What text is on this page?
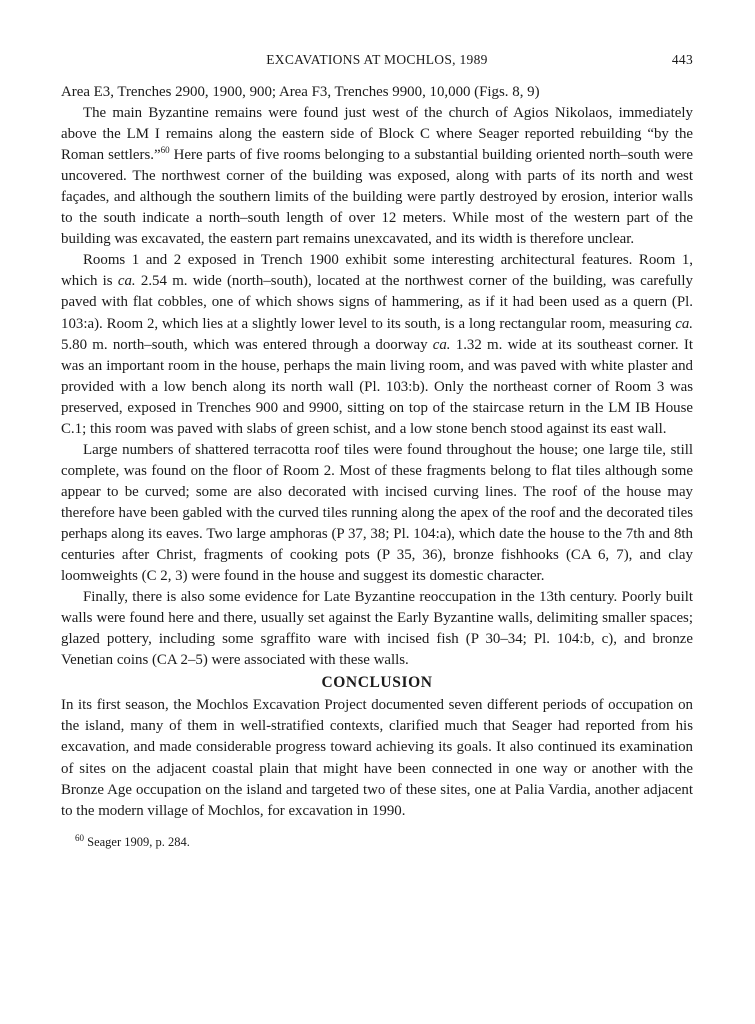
EXCAVATIONS AT MOCHLOS, 1989	443

Area E3, Trenches 2900, 1900, 900; Area F3, Trenches 9900, 10,000 (Figs. 8, 9)

The main Byzantine remains were found just west of the church of Agios Nikolaos, immediately above the LM I remains along the eastern side of Block C where Seager reported rebuilding “by the Roman settlers.”$^{60}$ Here parts of five rooms belonging to a substantial building oriented north–south were uncovered. The northwest corner of the building was exposed, along with parts of its north and west façades, and although the southern limits of the building were partly destroyed by erosion, interior walls to the south indicate a north–south length of over 12 meters. While most of the western part of the building was excavated, the eastern part remains unexcavated, and its width is therefore unclear.

Rooms 1 and 2 exposed in Trench 1900 exhibit some interesting architectural features. Room 1, which is ca. 2.54 m. wide (north–south), located at the northwest corner of the building, was carefully paved with flat cobbles, one of which shows signs of hammering, as if it had been used as a quern (Pl. 103:a). Room 2, which lies at a slightly lower level to its south, is a long rectangular room, measuring ca. 5.80 m. north–south, which was entered through a doorway ca. 1.32 m. wide at its southeast corner. It was an important room in the house, perhaps the main living room, and was paved with white plaster and provided with a low bench along its north wall (Pl. 103:b). Only the northeast corner of Room 3 was preserved, exposed in Trenches 900 and 9900, sitting on top of the staircase return in the LM IB House C.1; this room was paved with slabs of green schist, and a low stone bench stood against its east wall.

Large numbers of shattered terracotta roof tiles were found throughout the house; one large tile, still complete, was found on the floor of Room 2. Most of these fragments belong to flat tiles although some appear to be curved; some are also decorated with incised curving lines. The roof of the house may therefore have been gabled with the curved tiles running along the apex of the roof and the decorated tiles perhaps along its eaves. Two large amphoras (P 37, 38; Pl. 104:a), which date the house to the 7th and 8th centuries after Christ, fragments of cooking pots (P 35, 36), bronze fishhooks (CA 6, 7), and clay loomweights (C 2, 3) were found in the house and suggest its domestic character.

Finally, there is also some evidence for Late Byzantine reoccupation in the 13th century. Poorly built walls were found here and there, usually set against the Early Byzantine walls, delimiting smaller spaces; glazed pottery, including some sgraffito ware with incised fish (P 30–34; Pl. 104:b, c), and bronze Venetian coins (CA 2–5) were associated with these walls.

CONCLUSION

In its first season, the Mochlos Excavation Project documented seven different periods of occupation on the island, many of them in well-stratified contexts, clarified much that Seager had reported from his excavation, and made considerable progress toward achieving its goals. It also continued its examination of sites on the adjacent coastal plain that might have been connected in one way or another with the Bronze Age occupation on the island and targeted two of these sites, one at Palia Vardia, another adjacent to the modern village of Mochlos, for excavation in 1990.

$^{60}$ Seager 1909, p. 284.
